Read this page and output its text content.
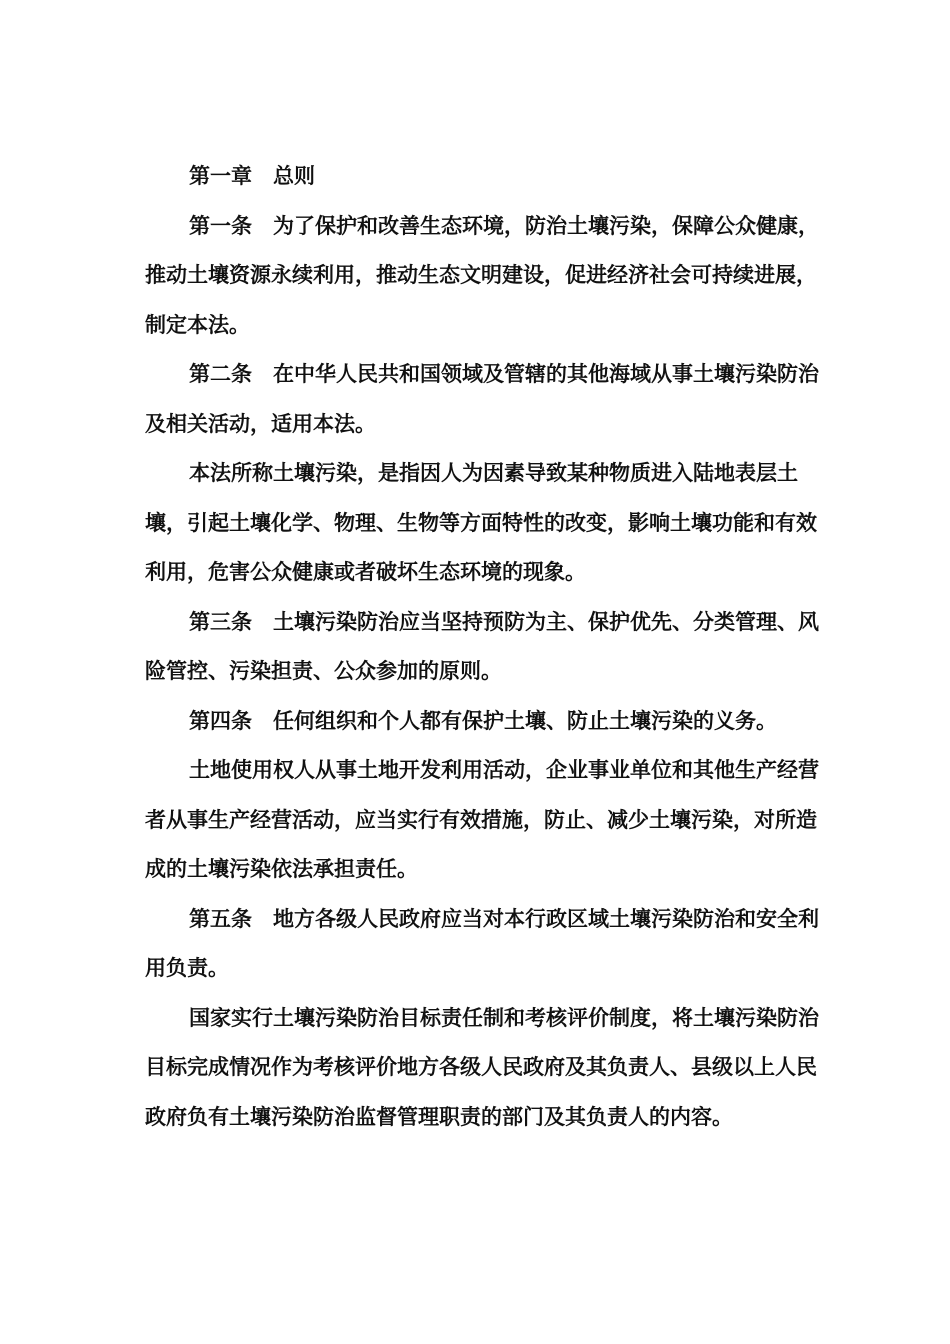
第一章　总则

第一条　为了保护和改善生态环境，防治土壤污染，保障公众健康，推动土壤资源永续利用，推动生态文明建设，促进经济社会可持续进展，制定本法。

第二条　在中华人民共和国领域及管辖的其他海域从事土壤污染防治及相关活动，适用本法。

本法所称土壤污染，是指因人为因素导致某种物质进入陆地表层土壤，引起土壤化学、物理、生物等方面特性的改变，影响土壤功能和有效利用，危害公众健康或者破坏生态环境的现象。

第三条　土壤污染防治应当坚持预防为主、保护优先、分类管理、风险管控、污染担责、公众参加的原则。

第四条　任何组织和个人都有保护土壤、防止土壤污染的义务。

土地使用权人从事土地开发利用活动，企业事业单位和其他生产经营者从事生产经营活动，应当实行有效措施，防止、减少土壤污染，对所造成的土壤污染依法承担责任。

第五条　地方各级人民政府应当对本行政区域土壤污染防治和安全利用负责。

国家实行土壤污染防治目标责任制和考核评价制度，将土壤污染防治目标完成情况作为考核评价地方各级人民政府及其负责人、县级以上人民政府负有土壤污染防治监督管理职责的部门及其负责人的内容。
